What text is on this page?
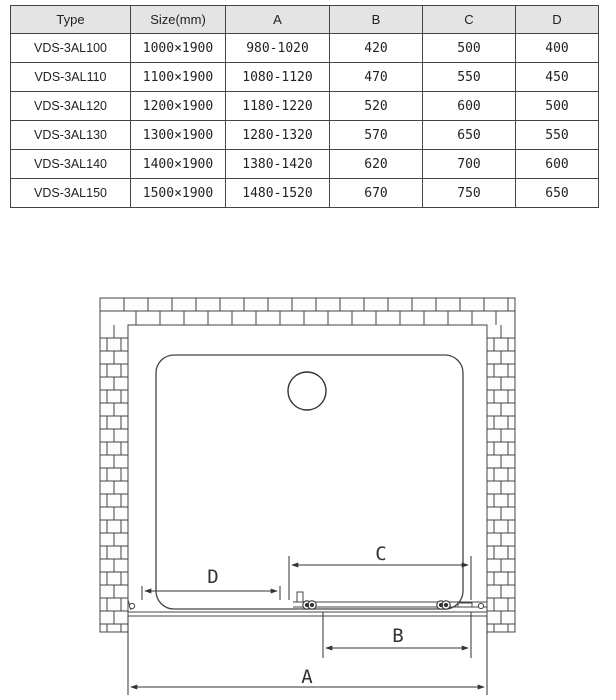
Type	Size(mm)	A	B	C	D
VDS-3AL100	1000×1900	980-1020	420	500	400
VDS-3AL110	1100×1900	1080-1120	470	550	450
VDS-3AL120	1200×1900	1180-1220	520	600	500
VDS-3AL130	1300×1900	1280-1320	570	650	550
VDS-3AL140	1400×1900	1380-1420	620	700	600
VDS-3AL150	1500×1900	1480-1520	670	750	650
D
C
B
A
